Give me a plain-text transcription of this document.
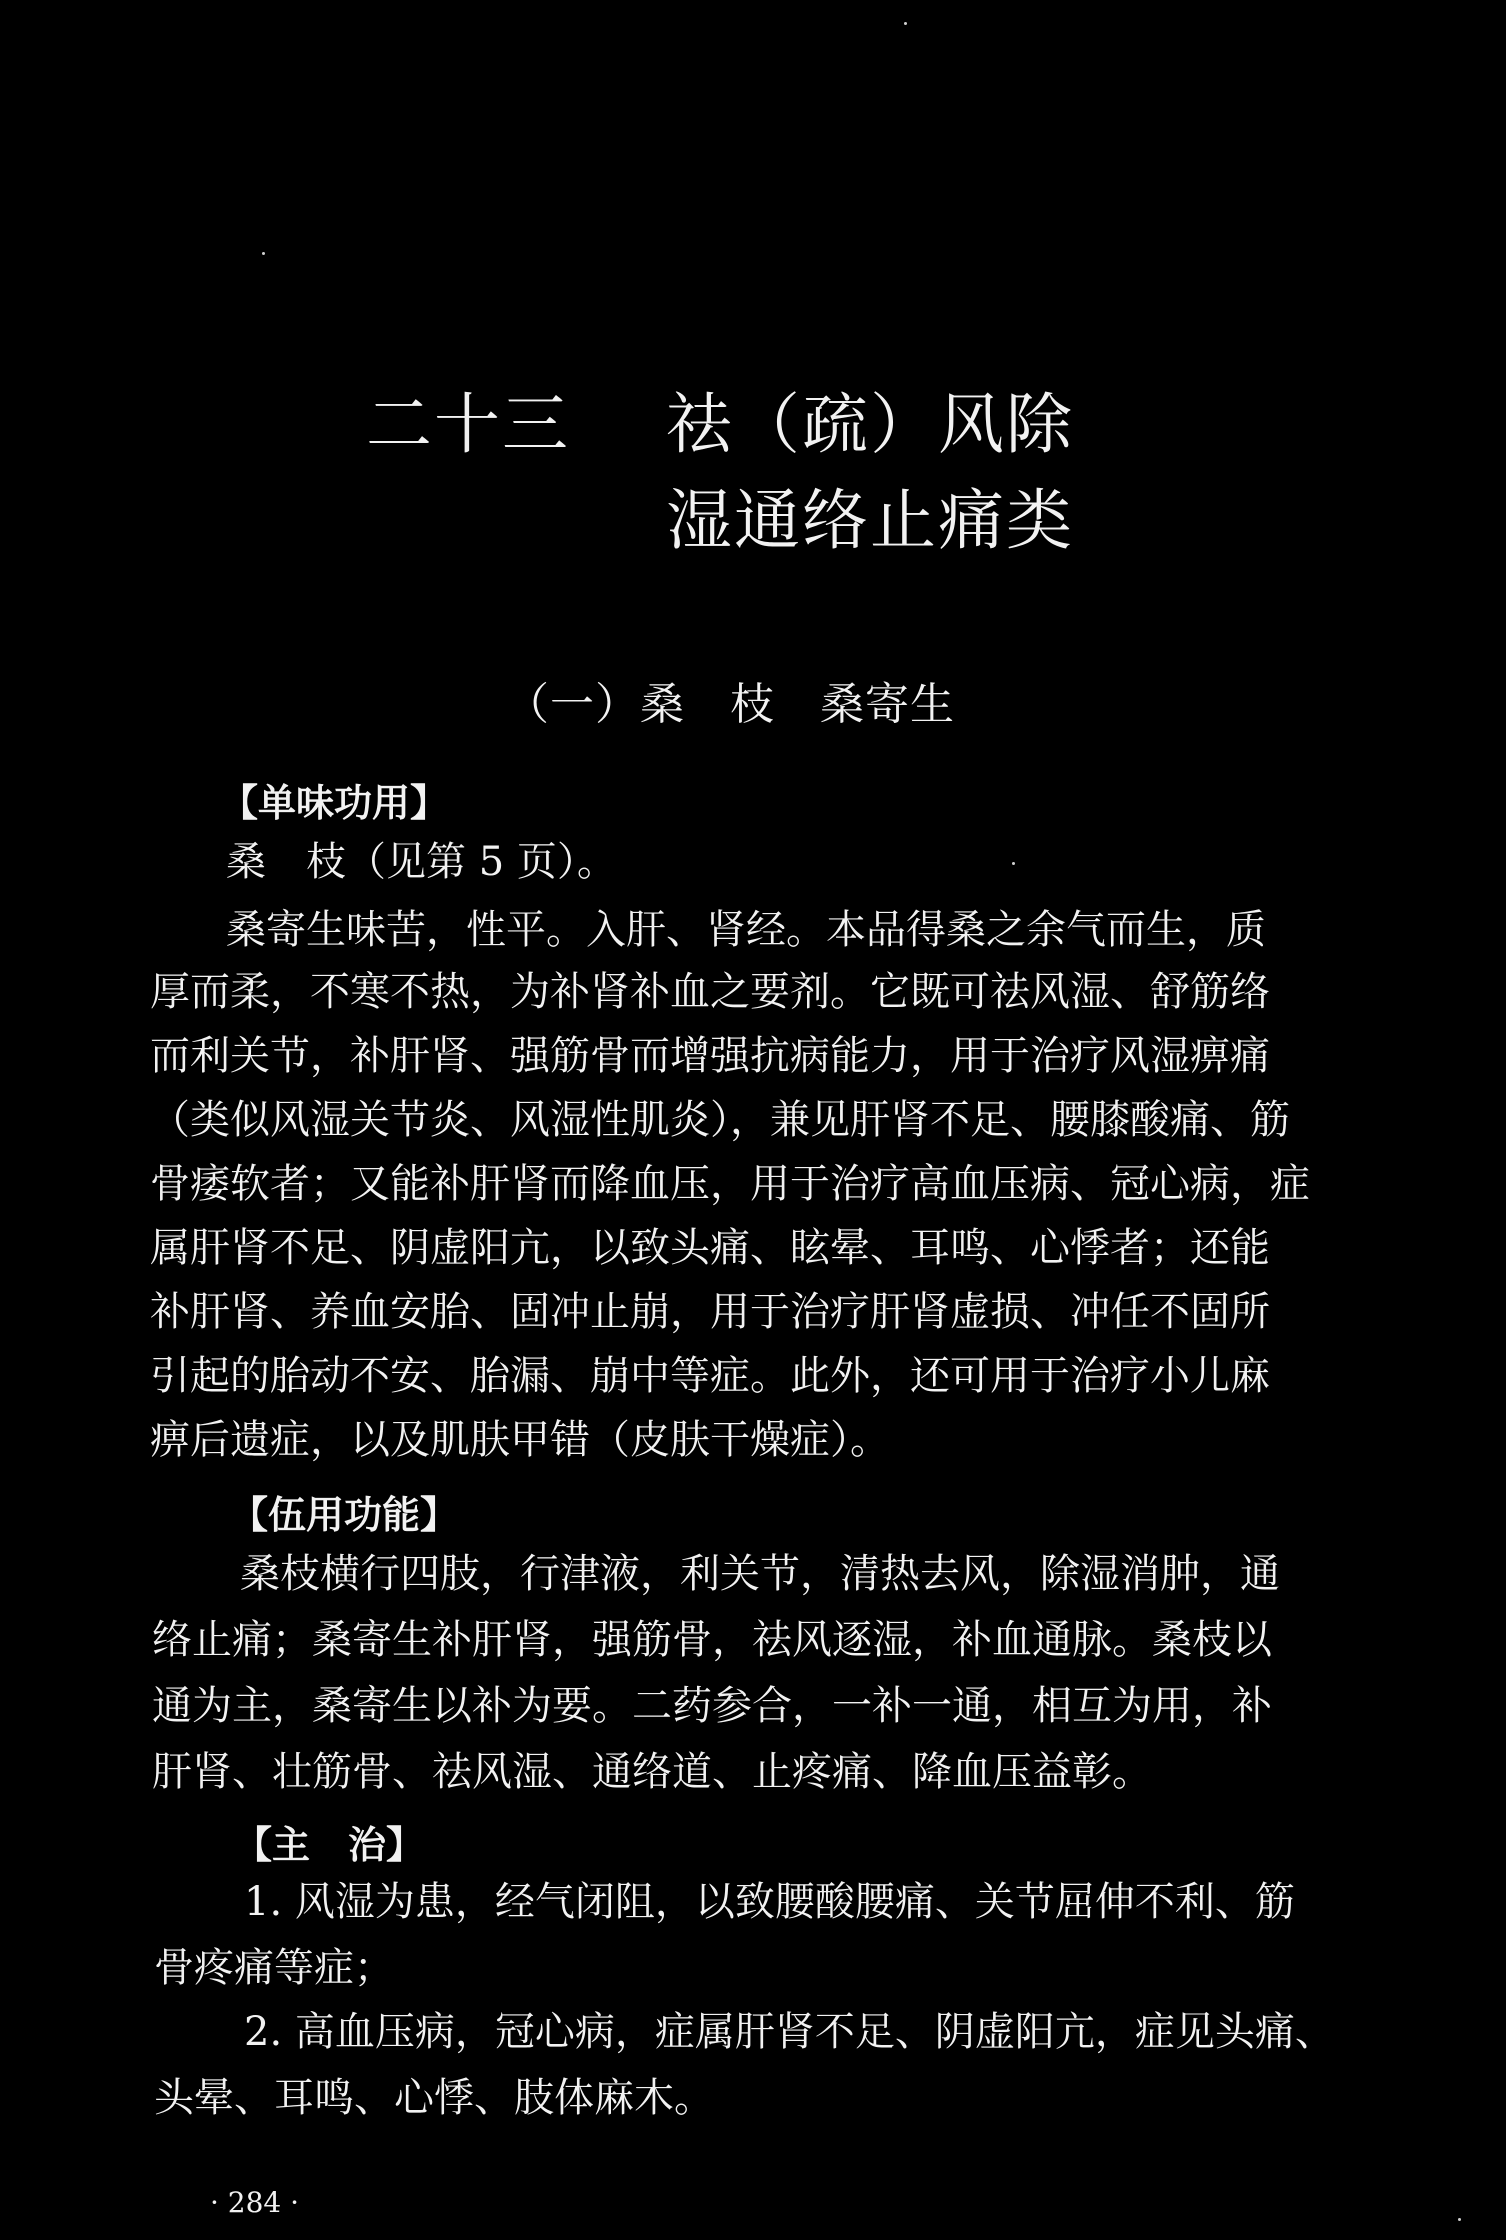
二十三 祛（疏）风除
湿通络止痛类
（一）桑　枝　桑寄生
【单味功用】
桑　枝（见第 5 页）。
桑寄生味苦，性平。入肝、肾经。本品得桑之余气而生，质
厚而柔，不寒不热，为补肾补血之要剂。它既可祛风湿、舒筋络
而利关节，补肝肾、强筋骨而增强抗病能力，用于治疗风湿痹痛
（类似风湿关节炎、风湿性肌炎），兼见肝肾不足、腰膝酸痛、筋
骨痿软者；又能补肝肾而降血压，用于治疗高血压病、冠心病，症
属肝肾不足、阴虚阳亢，以致头痛、眩晕、耳鸣、心悸者；还能
补肝肾、养血安胎、固冲止崩，用于治疗肝肾虚损、冲任不固所
引起的胎动不安、胎漏、崩中等症。此外，还可用于治疗小儿麻
痹后遗症，以及肌肤甲错（皮肤干燥症）。
【伍用功能】
桑枝横行四肢，行津液，利关节，清热去风，除湿消肿，通
络止痛；桑寄生补肝肾，强筋骨，祛风逐湿，补血通脉。桑枝以
通为主，桑寄生以补为要。二药参合，一补一通，相互为用，补
肝肾、壮筋骨、祛风湿、通络道、止疼痛、降血压益彰。
【主　治】
1. 风湿为患，经气闭阻，以致腰酸腰痛、关节屈伸不利、筋
骨疼痛等症；
2. 高血压病，冠心病，症属肝肾不足、阴虚阳亢，症见头痛、
头晕、耳鸣、心悸、肢体麻木。
· 284 ·
